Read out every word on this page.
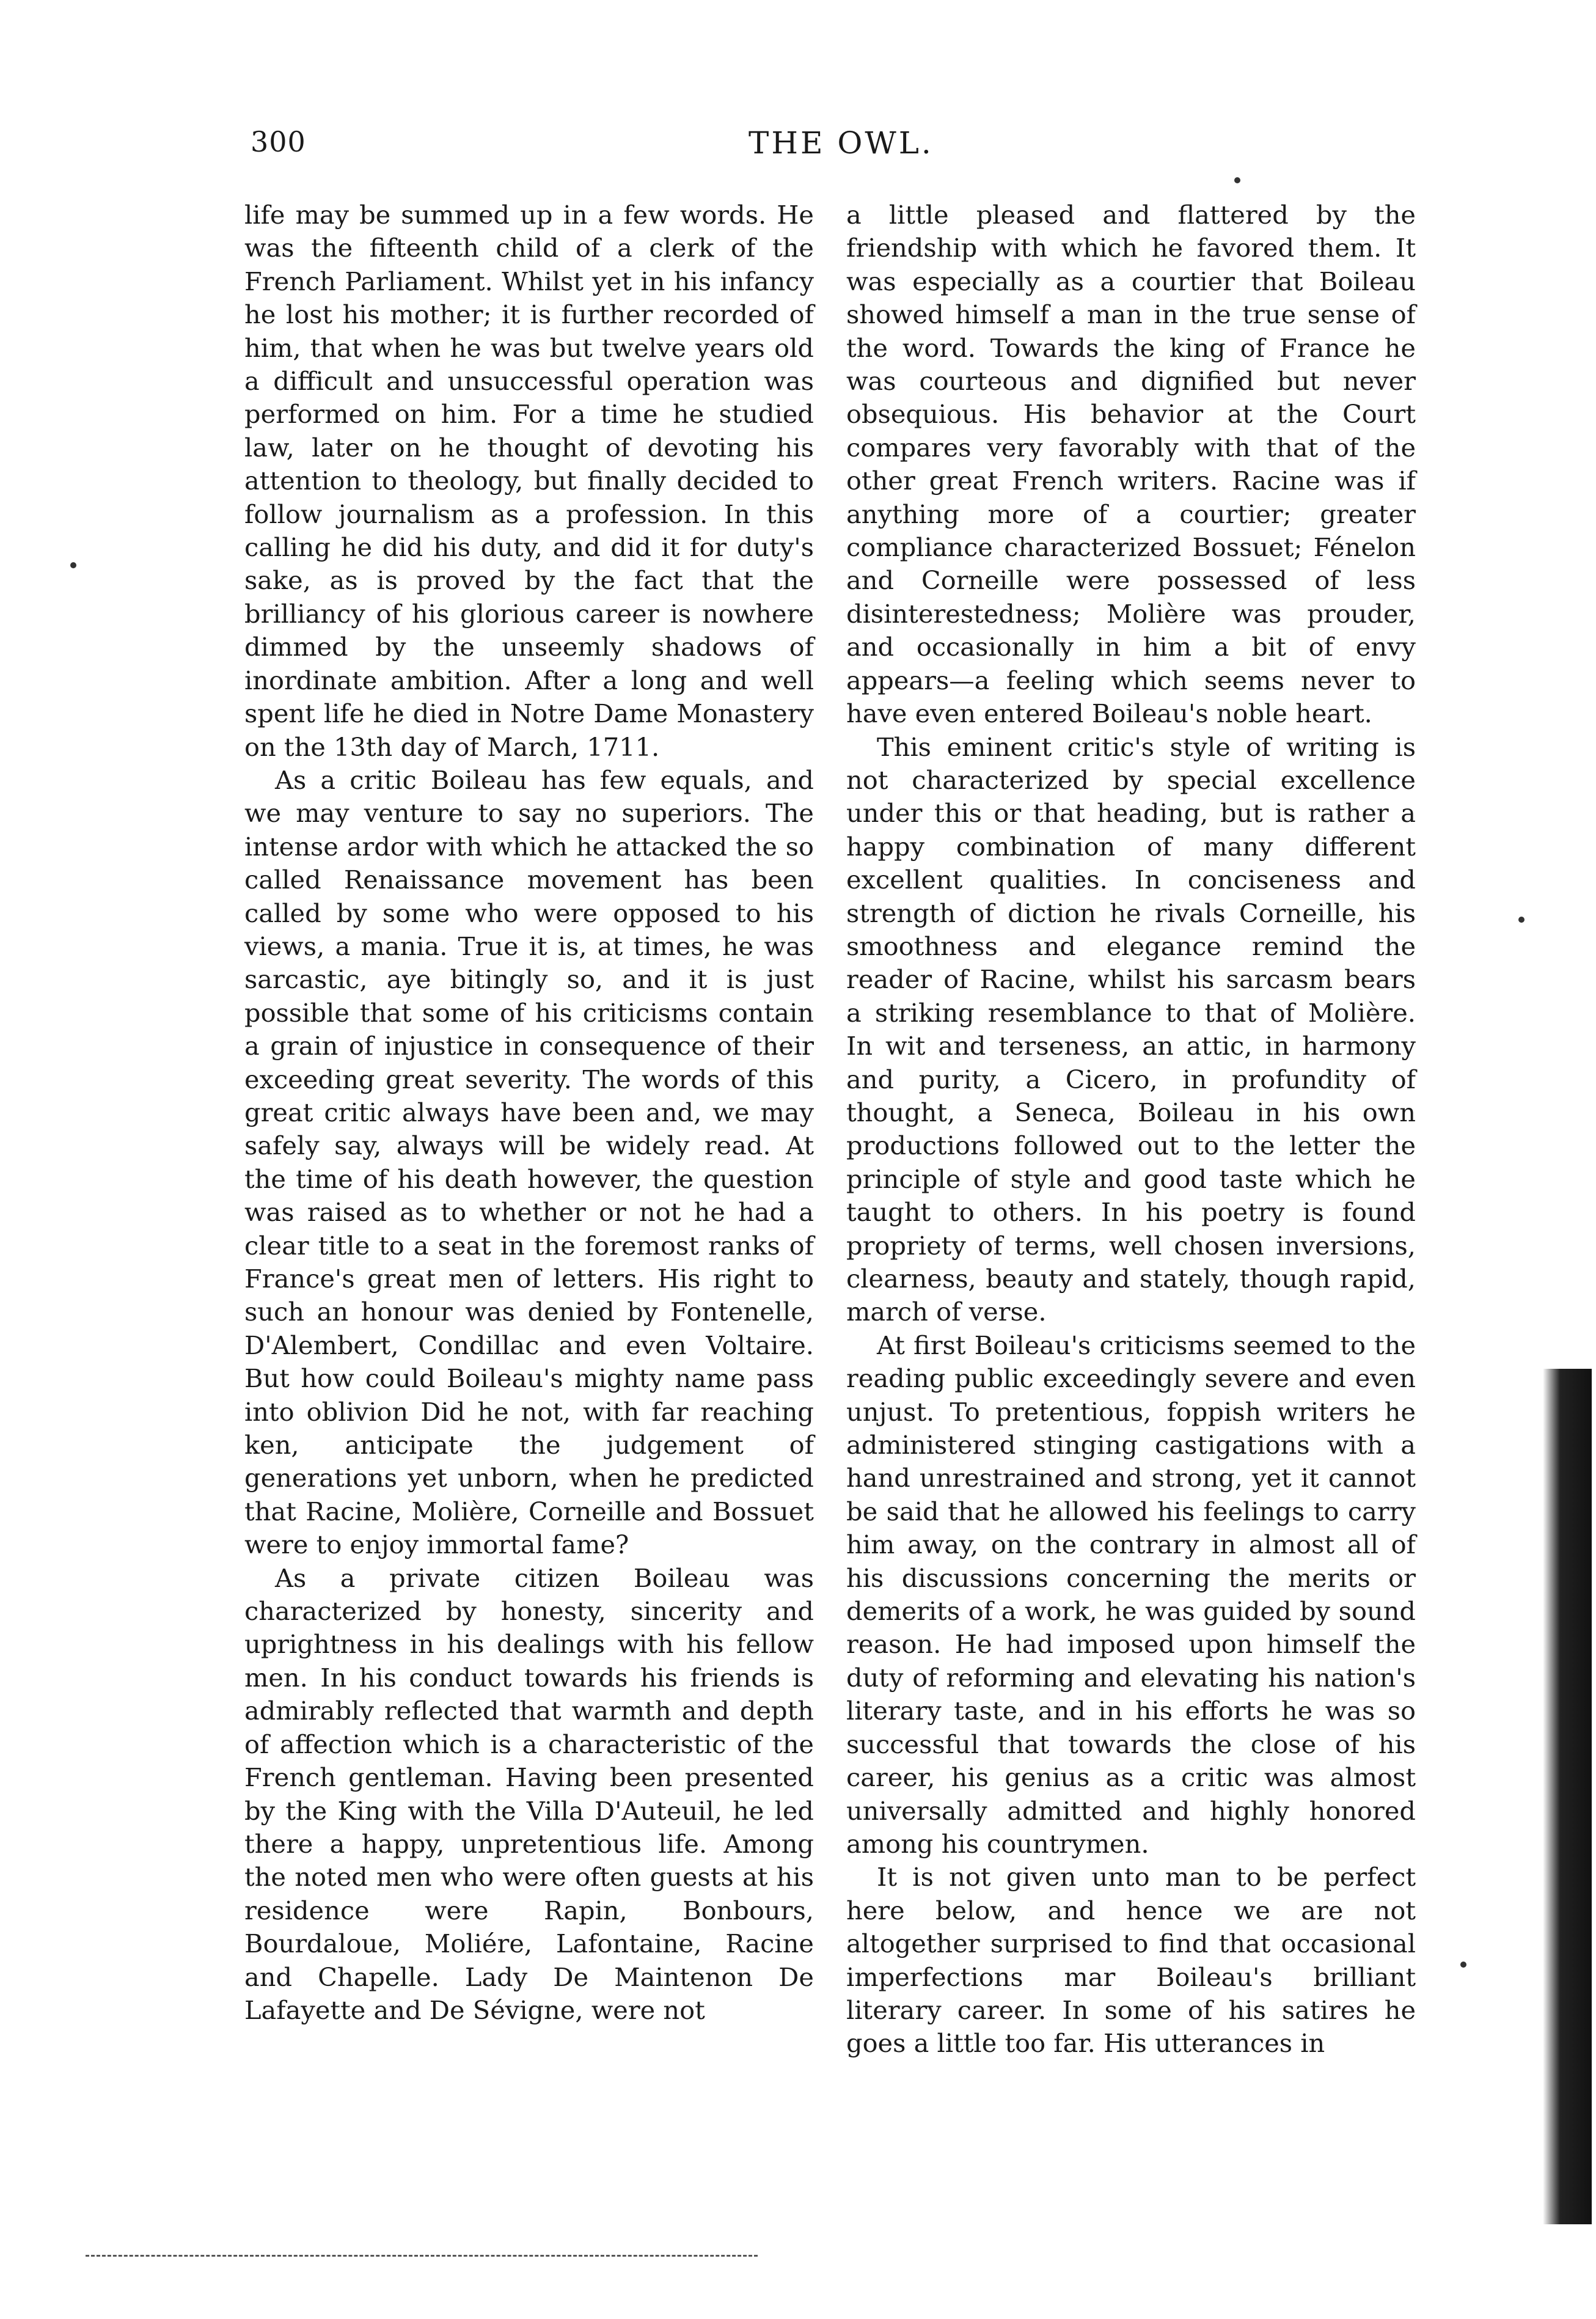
300	THE OWL.

life may be summed up in a few words. He was the fifteenth child of a clerk of the French Parliament. Whilst yet in his infancy he lost his mother; it is further recorded of him, that when he was but twelve years old a difficult and unsuccessful operation was performed on him. For a time he studied law, later on he thought of devoting his attention to theology, but finally decided to follow journalism as a profession. In this calling he did his duty, and did it for duty's sake, as is proved by the fact that the brilliancy of his glorious career is nowhere dimmed by the unseemly shadows of inordinate ambition. After a long and well spent life he died in Notre Dame Monastery on the 13th day of March, 1711.

As a critic Boileau has few equals, and we may venture to say no superiors. The intense ardor with which he attacked the so called Renaissance movement has been called by some who were opposed to his views, a mania. True it is, at times, he was sarcastic, aye bitingly so, and it is just possible that some of his criticisms contain a grain of injustice in consequence of their exceeding great severity. The words of this great critic always have been and, we may safely say, always will be widely read. At the time of his death however, the question was raised as to whether or not he had a clear title to a seat in the foremost ranks of France's great men of letters. His right to such an honour was denied by Fontenelle, D'Alembert, Condillac and even Voltaire. But how could Boileau's mighty name pass into oblivion Did he not, with far reaching ken, anticipate the judgement of generations yet unborn, when he predicted that Racine, Molière, Corneille and Bossuet were to enjoy immortal fame?

As a private citizen Boileau was characterized by honesty, sincerity and uprightness in his dealings with his fellow men. In his conduct towards his friends is admirably reflected that warmth and depth of affection which is a characteristic of the French gentleman. Having been presented by the King with the Villa D'Auteuil, he led there a happy, unpretentious life. Among the noted men who were often guests at his residence were Rapin, Bonbours, Bourdaloue, Moliére, Lafontaine, Racine and Chapelle. Lady De Maintenon De Lafayette and De Sévigne, were not

a little pleased and flattered by the friendship with which he favored them. It was especially as a courtier that Boileau showed himself a man in the true sense of the word. Towards the king of France he was courteous and dignified but never obsequious. His behavior at the Court compares very favorably with that of the other great French writers. Racine was if anything more of a courtier; greater compliance characterized Bossuet; Fénelon and Corneille were possessed of less disinterestedness; Molière was prouder, and occasionally in him a bit of envy appears—a feeling which seems never to have even entered Boileau's noble heart.

This eminent critic's style of writing is not characterized by special excellence under this or that heading, but is rather a happy combination of many different excellent qualities. In conciseness and strength of diction he rivals Corneille, his smoothness and elegance remind the reader of Racine, whilst his sarcasm bears a striking resemblance to that of Molière. In wit and terseness, an attic, in harmony and purity, a Cicero, in profundity of thought, a Seneca, Boileau in his own productions followed out to the letter the principle of style and good taste which he taught to others. In his poetry is found propriety of terms, well chosen inversions, clearness, beauty and stately, though rapid, march of verse.

At first Boileau's criticisms seemed to the reading public exceedingly severe and even unjust. To pretentious, foppish writers he administered stinging castigations with a hand unrestrained and strong, yet it cannot be said that he allowed his feelings to carry him away, on the contrary in almost all of his discussions concerning the merits or demerits of a work, he was guided by sound reason. He had imposed upon himself the duty of reforming and elevating his nation's literary taste, and in his efforts he was so successful that towards the close of his career, his genius as a critic was almost universally admitted and highly honored among his countrymen.

It is not given unto man to be perfect here below, and hence we are not altogether surprised to find that occasional imperfections mar Boileau's brilliant literary career. In some of his satires he goes a little too far. His utterances in
